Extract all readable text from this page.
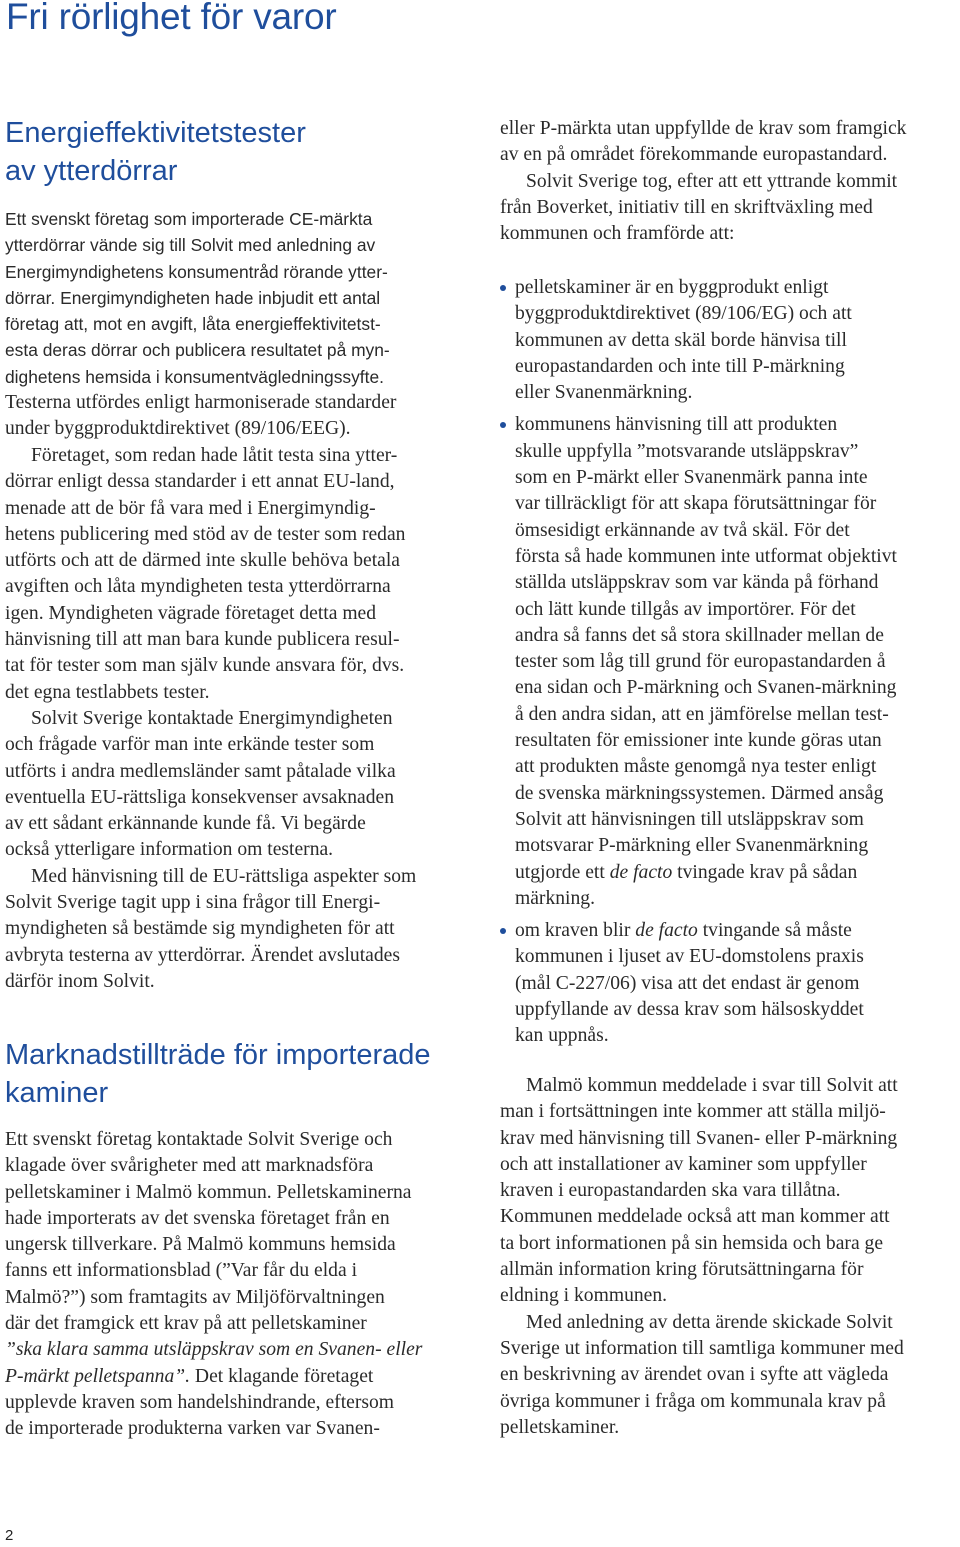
Fri rörlighet för varor
Energieffektivitetstester
av ytterdörrar
Ett svenskt företag som importerade CE-märkta
ytterdörrar vände sig till Solvit med anledning av
Energimyndighetens konsumentråd rörande ytter-
dörrar. Energimyndigheten hade inbjudit ett antal
företag att, mot en avgift, låta energieffektivitetst-
esta deras dörrar och publicera resultatet på myn-
dighetens hemsida i konsumentvägledningssyfte.
Testerna utfördes enligt harmoniserade standarder
under byggproduktdirektivet (89/106/EEG).
Företaget, som redan hade låtit testa sina ytter-
dörrar enligt dessa standarder i ett annat EU-land,
menade att de bör få vara med i Energimyndig-
hetens publicering med stöd av de tester som redan
utförts och att de därmed inte skulle behöva betala
avgiften och låta myndigheten testa ytterdörrarna
igen. Myndigheten vägrade företaget detta med
hänvisning till att man bara kunde publicera resul-
tat för tester som man själv kunde ansvara för, dvs.
det egna testlabbets tester.
Solvit Sverige kontaktade Energimyndigheten
och frågade varför man inte erkände tester som
utförts i andra medlemsländer samt påtalade vilka
eventuella EU-rättsliga konsekvenser avsaknaden
av ett sådant erkännande kunde få. Vi begärde
också ytterligare information om testerna.
Med hänvisning till de EU-rättsliga aspekter som
Solvit Sverige tagit upp i sina frågor till Energi-
myndigheten så bestämde sig myndigheten för att
avbryta testerna av ytterdörrar. Ärendet avslutades
därför inom Solvit.
Marknadstillträde för importerade
kaminer
Ett svenskt företag kontaktade Solvit Sverige och
klagade över svårigheter med att marknadsföra
pelletskaminer i Malmö kommun. Pelletskaminerna
hade importerats av det svenska företaget från en
ungersk tillverkare. På Malmö kommuns hemsida
fanns ett informationsblad (”Var får du elda i
Malmö?”) som framtagits av Miljöförvaltningen
där det framgick ett krav på att pelletskaminer
”ska klara samma utsläppskrav som en Svanen- eller
P-märkt pelletspanna”. Det klagande företaget
upplevde kraven som handelshindrande, eftersom
de importerade produkterna varken var Svanen-
eller P-märkta utan uppfyllde de krav som framgick
av en på området förekommande europastandard.
Solvit Sverige tog, efter att ett yttrande kommit
från Boverket, initiativ till en skriftväxling med
kommunen och framförde att:
pelletskaminer är en byggprodukt enligt
byggproduktdirektivet (89/106/EG) och att
kommunen av detta skäl borde hänvisa till
europastandarden och inte till P-märkning
eller Svanenmärkning.
kommunens hänvisning till att produkten
skulle uppfylla ”motsvarande utsläppskrav”
som en P-märkt eller Svanenmärk panna inte
var tillräckligt för att skapa förutsättningar för
ömsesidigt erkännande av två skäl. För det
första så hade kommunen inte utformat objektivt
ställda utsläppskrav som var kända på förhand
och lätt kunde tillgås av importörer. För det
andra så fanns det så stora skillnader mellan de
tester som låg till grund för europastandarden å
ena sidan och P-märkning och Svanen-märkning
å den andra sidan, att en jämförelse mellan test-
resultaten för emissioner inte kunde göras utan
att produkten måste genomgå nya tester enligt
de svenska märkningssystemen. Därmed ansåg
Solvit att hänvisningen till utsläppskrav som
motsvarar P-märkning eller Svanenmärkning
utgjorde ett de facto tvingade krav på sådan
märkning.
om kraven blir de facto tvingande så måste
kommunen i ljuset av EU-domstolens praxis
(mål C-227/06) visa att det endast är genom
uppfyllande av dessa krav som hälsoskyddet
kan uppnås.
Malmö kommun meddelade i svar till Solvit att
man i fortsättningen inte kommer att ställa miljö-
krav med hänvisning till Svanen- eller P-märkning
och att installationer av kaminer som uppfyller
kraven i europastandarden ska vara tillåtna.
Kommunen meddelade också att man kommer att
ta bort informationen på sin hemsida och bara ge
allmän information kring förutsättningarna för
eldning i kommunen.
Med anledning av detta ärende skickade Solvit
Sverige ut information till samtliga kommuner med
en beskrivning av ärendet ovan i syfte att vägleda
övriga kommuner i fråga om kommunala krav på
pelletskaminer.
2
